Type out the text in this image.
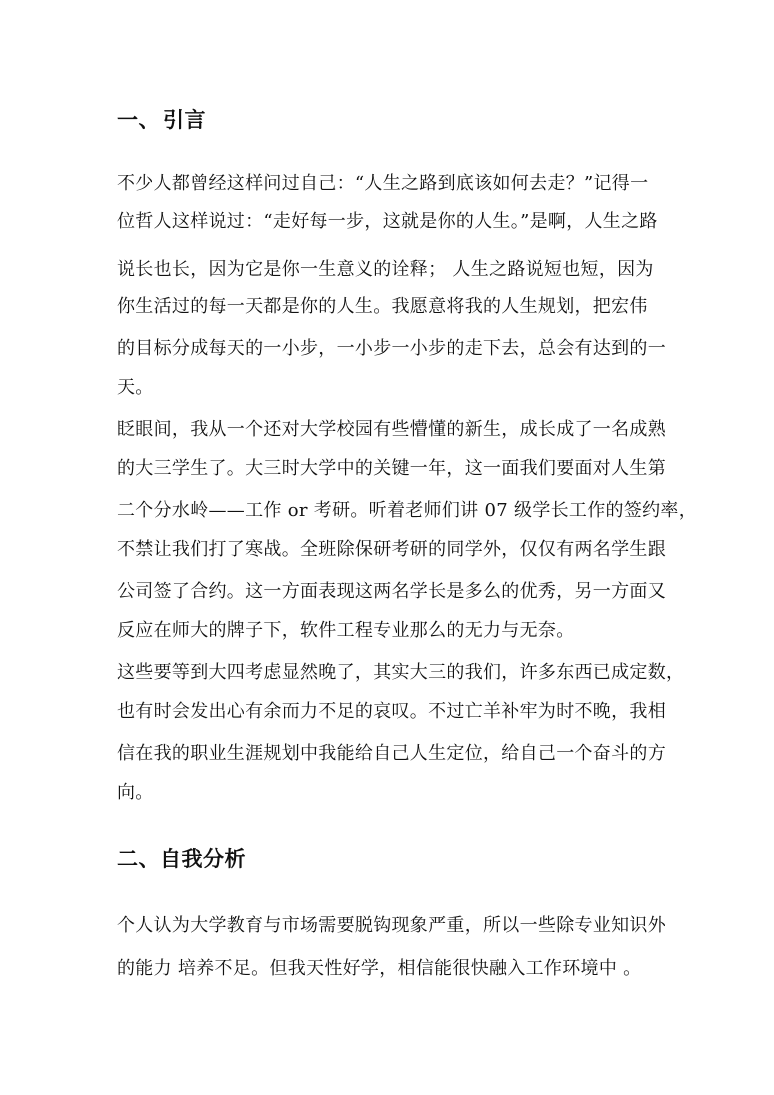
一、 引言
不少人都曾经这样问过自己：“人生之路到底该如何去走？”记得一
位哲人这样说过：“走好每一步，这就是你的人生。”是啊，人生之路
说长也长，因为它是你一生意义的诠释； 人生之路说短也短，因为
你生活过的每一天都是你的人生。我愿意将我的人生规划，把宏伟
的目标分成每天的一小步，一小步一小步的走下去，总会有达到的一
天。
眨眼间，我从一个还对大学校园有些懵懂的新生，成长成了一名成熟
的大三学生了。大三时大学中的关键一年，这一面我们要面对人生第
二个分水岭——工作 or 考研。听着老师们讲 07 级学长工作的签约率，
不禁让我们打了寒战。全班除保研考研的同学外，仅仅有两名学生跟
公司签了合约。这一方面表现这两名学长是多么的优秀，另一方面又
反应在师大的牌子下，软件工程专业那么的无力与无奈。
这些要等到大四考虑显然晚了，其实大三的我们，许多东西已成定数，
也有时会发出心有余而力不足的哀叹。不过亡羊补牢为时不晚，我相
信在我的职业生涯规划中我能给自己人生定位，给自己一个奋斗的方
向。
二、自我分析
个人认为大学教育与市场需要脱钩现象严重，所以一些除专业知识外
的能力 培养不足。但我天性好学，相信能很快融入工作环境中 。
